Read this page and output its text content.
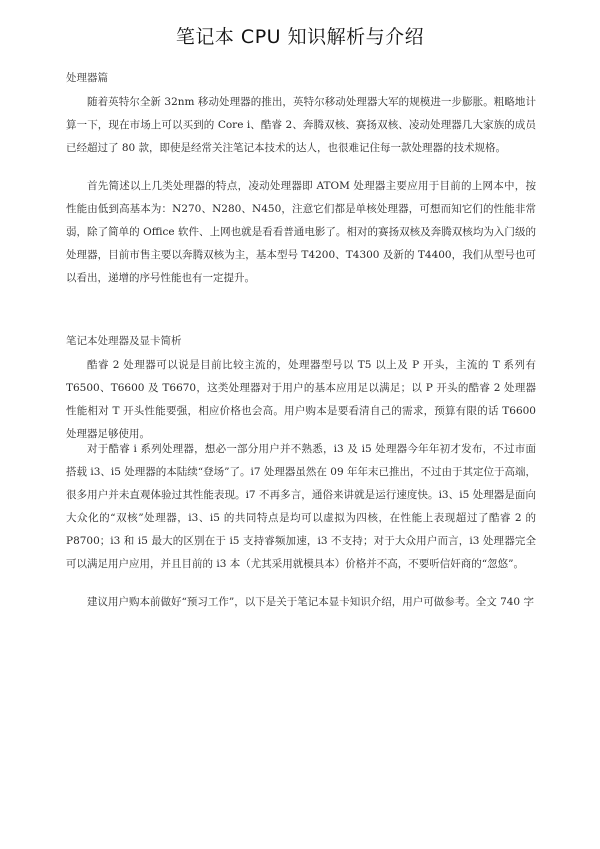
笔记本 CPU 知识解析与介绍
处理器篇
随着英特尔全新 32nm 移动处理器的推出，英特尔移动处理器大军的规模进一步膨胀。粗略地计算一下，现在市场上可以买到的 Core i、酷睿 2、奔腾双核、赛扬双核、凌动处理器几大家族的成员已经超过了 80 款，即使是经常关注笔记本技术的达人，也很难记住每一款处理器的技术规格。
首先简述以上几类处理器的特点，凌动处理器即 ATOM 处理器主要应用于目前的上网本中，按性能由低到高基本为：N270、N280、N450，注意它们都是单核处理器，可想而知它们的性能非常弱，除了简单的 Office 软件、上网也就是看看普通电影了。相对的赛扬双核及奔腾双核均为入门级的处理器，目前市售主要以奔腾双核为主，基本型号 T4200、T4300 及新的 T4400，我们从型号也可以看出，递增的序号性能也有一定提升。
笔记本处理器及显卡简析
酷睿 2 处理器可以说是目前比较主流的，处理器型号以 T5 以上及 P 开头，主流的 T 系列有 T6500、T6600 及 T6670，这类处理器对于用户的基本应用足以满足；以 P 开头的酷睿 2 处理器性能相对 T 开头性能要强，相应价格也会高。用户购本是要看清自己的需求，预算有限的话 T6600 处理器足够使用。
对于酷睿 i 系列处理器，想必一部分用户并不熟悉，i3 及 i5 处理器今年年初才发布，不过市面搭载 i3、i5 处理器的本陆续“登场”了。i7 处理器虽然在 09 年年末已推出，不过由于其定位于高端，很多用户并未直观体验过其性能表现。i7 不再多言，通俗来讲就是运行速度快。i3、i5 处理器是面向大众化的“双核”处理器，i3、i5 的共同特点是均可以虚拟为四核，在性能上表现超过了酷睿 2 的 P8700；i3 和 i5 最大的区别在于 i5 支持睿频加速，i3 不支持；对于大众用户而言，i3 处理器完全可以满足用户应用，并且目前的 i3 本（尤其采用就模具本）价格并不高，不要听信奸商的“忽悠”。
建议用户购本前做好“预习工作”，以下是关于笔记本显卡知识介绍，用户可做参考。全文 740 字
